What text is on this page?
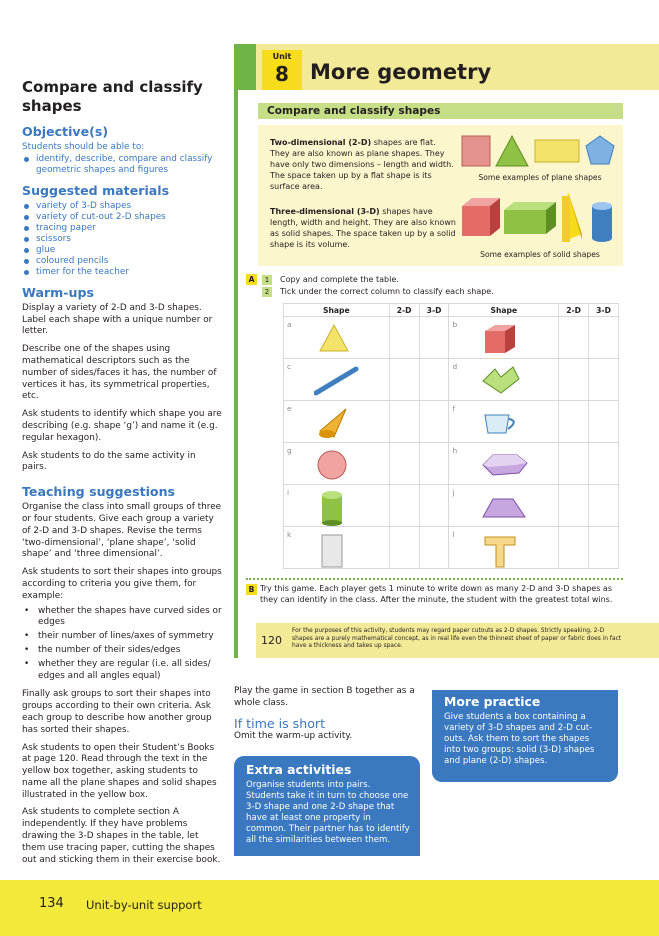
Compare and classify shapes
Objective(s)

Students should be able to:

identify, describe, compare and classify geometric shapes and figures
Suggested materials
variety of 3-D shapes
variety of cut-out 2-D shapes
tracing paper
scissors
glue
coloured pencils
timer for the teacher
Warm-ups

Display a variety of 2-D and 3-D shapes. Label each shape with a unique number or letter.

Describe one of the shapes using mathematical descriptors such as the number of sides/faces it has, the number of vertices it has, its symmetrical properties, etc.

Ask students to identify which shape you are describing (e.g. shape ‘g’) and name it (e.g. regular hexagon).

Ask students to do the same activity in pairs.

Teaching suggestions

Organise the class into small groups of three or four students. Give each group a variety of 2-D and 3-D shapes. Revise the terms ‘two-dimensional’, ‘plane shape’, ‘solid shape’ and ‘three dimensional’.

Ask students to sort their shapes into groups according to criteria you give them, for example:

• whether the shapes have curved sides or edges
• their number of lines/axes of symmetry
• the number of their sides/edges
• whether they are regular (i.e. all sides/ edges and all angles equal)

Finally ask groups to sort their shapes into groups according to their own criteria. Ask each group to describe how another group has sorted their shapes.

Ask students to open their Student’s Books at page 120. Read through the text in the yellow box together, asking students to name all the plane shapes and solid shapes illustrated in the yellow box.

Ask students to complete section A independently. If they have problems drawing the 3-D shapes in the table, let them use tracing paper, cutting the shapes out and sticking them in their exercise book.

Unit
8	More geometry
Compare and classify shapes
Two-dimensional (2-D) shapes are flat. They are also known as plane shapes. They have only two dimensions – length and width. The space taken up by a flat shape is its surface area.
Three-dimensional (3-D) shapes have length, width and height. They are also known as solid shapes. The space taken up by a solid shape is its volume.
Some examples of plane shapes
Some examples of solid shapes
A	1 Copy and complete the table.
2 Tick under the correct column to classify each shape.
Shape	2-D	3-D	Shape	2-D	3-D

a			b		

c			d		

e			f		

g			h		

i			j		

k			l		

B Try this game. Each player gets 1 minute to write down as many 2-D and 3-D shapes as they can identify in the class. After the minute, the student with the greatest total wins.
120
For the purposes of this activity, students may regard paper cutouts as 2-D shapes. Strictly speaking, 2-D shapes are a purely mathematical concept, as in real life even the thinnest sheet of paper or fabric does in fact have a thickness and takes up space.

Play the game in section B together as a whole class.

If time is short

Omit the warm-up activity.

Extra activities

Organise students into pairs. Students take it in turn to choose one 3-D shape and one 2-D shape that have at least one property in common. Their partner has to identify all the similarities between them.

More practice

Give students a box containing a variety of 3-D shapes and 2-D cut-outs. Ask them to sort the shapes into two groups: solid (3-D) shapes and plane (2-D) shapes.

134 Unit-by-unit support
